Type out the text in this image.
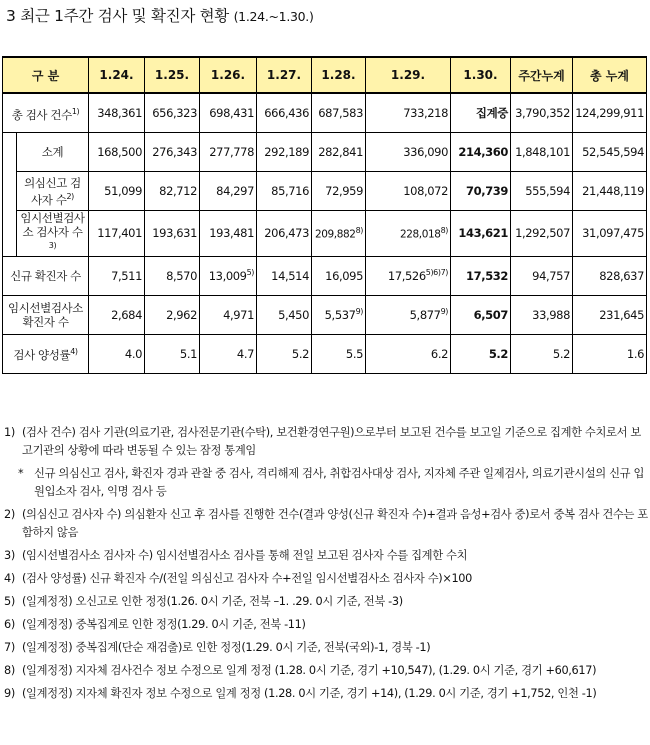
3 최근 1주간 검사 및 확진자 현황 (1.24.~1.30.)
구 분		1.24.	1.25.	1.26.	1.27.	1.28.	1.29.	1.30.	주간누계	총 누계
총 검사 건수$^{1)}$		348,361	656,323	698,431	666,436	687,583	733,218	집계중	3,790,352	124,299,911
	소계	168,500	276,343	277,778	292,189	282,841	336,090	214,360	1,848,101	52,545,594
	의심신고 검사자 수$^{2)}$	51,099	82,712	84,297	85,716	72,959	108,072	70,739	555,594	21,448,119
	임시선별검사소 검사자 수$^{3)}$	117,401	193,631	193,481	206,473	209,882$^{8)}$	228,018$^{8)}$	143,621	1,292,507	31,097,475
신규 확진자 수		7,511	8,570	13,009$^{5)}$	14,514	16,095	$17,526^{5)6)7)}$	17,532	94,757	828,637
임시선별검사소 확진자 수		2,684	2,962	4,971	5,450	5,537$^{9)}$	5,877$^{9)}$	6,507	33,988	231,645
검사 양성률$^{4)}$		4.0	5.1	4.7	5.2	5.5	6.2	5.2	5.2	1.6
1) (검사 건수) 검사 기관(의료기관, 검사전문기관(수탁), 보건환경연구원)으로부터 보고된 건수를 보고일 기준으로 집계한 수치로서 보고기관의 상황에 따라 변동될 수 있는 잠정 통계임
* 신규 의심신고 검사, 확진자 경과 관찰 중 검사, 격리해제 검사, 취합검사대상 검사, 지자체 주관 일제검사, 의료기관시설의 신규 입원입소자 검사, 익명 검사 등
2) (의심신고 검사자 수) 의심환자 신고 후 검사를 진행한 건수(결과 양성(신규 확진자 수)+결과 음성+검사 중)로서 중복 검사 건수는 포함하지 않음
3) (임시선별검사소 검사자 수) 임시선별검사소 검사를 통해 전일 보고된 검사자 수를 집계한 수치
4) (검사 양성률) 신규 확진자 수/(전일 의심신고 검사자 수+전일 임시선별검사소 검사자 수)×100
5) (일계정정) 오신고로 인한 정정(1.26. 0시 기준, 전북 –1. .29. 0시 기준, 전북 -3)
6) (일계정정) 중복집계로 인한 정정(1.29. 0시 기준, 전북 -11)
7) (일계정정) 중복집계(단순 재검출)로 인한 정정(1.29. 0시 기준, 전북(국외)-1, 경북 -1)
8) (일계정정) 지자체 검사건수 정보 수정으로 일계 정정 (1.28. 0시 기준, 경기 +10,547), (1.29. 0시 기준, 경기 +60,617)
9) (일계정정) 지자체 확진자 정보 수정으로 일계 정정 (1.28. 0시 기준, 경기 +14), (1.29. 0시 기준, 경기 +1,752, 인천 -1)
